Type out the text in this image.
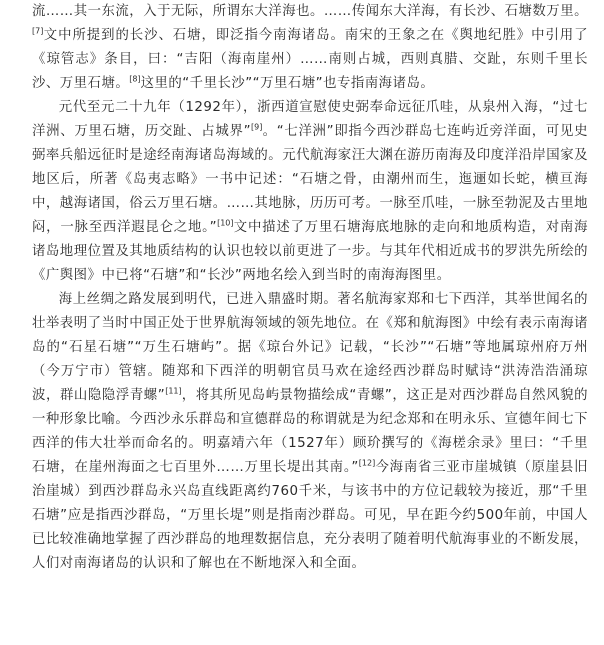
流……其一东流，入于无际，所谓东大洋海也。……传闻东大洋海，有长沙、石塘数万里。[7]文中所提到的长沙、石塘，即泛指今南海诸岛。南宋的王象之在《舆地纪胜》中引用了《琼管志》条目，曰：“吉阳（海南崖州）……南则占城，西则真腊、交趾，东则千里长沙、万里石塘。[8]这里的“千里长沙”“万里石塘”也专指南海诸岛。

元代至元二十九年（1292年），浙西道宣慰使史弼奉命远征爪哇，从泉州入海，“过七洋洲、万里石塘，历交趾、占城界”[9]。“七洋洲”即指今西沙群岛七连屿近旁洋面，可见史弼率兵船远征时是途经南海诸岛海域的。元代航海家汪大渊在游历南海及印度洋沿岸国家及地区后，所著《岛夷志略》一书中记述：“石塘之骨，由潮州而生，迤逦如长蛇，横亘海中，越海诸国，俗云万里石塘。……其地脉，历历可考。一脉至爪哇，一脉至勃泥及古里地闷，一脉至西洋遐昆仑之地。”[10]文中描述了万里石塘海底地脉的走向和地质构造，对南海诸岛地理位置及其地质结构的认识也较以前更进了一步。与其年代相近成书的罗洪先所绘的《广舆图》中已将“石塘”和“长沙”两地名绘入到当时的南海海图里。

海上丝绸之路发展到明代，已进入鼎盛时期。著名航海家郑和七下西洋，其举世闻名的壮举表明了当时中国正处于世界航海领域的领先地位。在《郑和航海图》中绘有表示南海诸岛的“石星石塘”“万生石塘屿”。据《琼台外记》记载，“长沙”“石塘”等地属琼州府万州（今万宁市）管辖。随郑和下西洋的明朝官员马欢在途经西沙群岛时赋诗“洪涛浩浩涌琼波，群山隐隐浮青螺”[11]，将其所见岛屿景物描绘成“青螺”，这正是对西沙群岛自然风貌的一种形象比喻。今西沙永乐群岛和宣德群岛的称谓就是为纪念郑和在明永乐、宣德年间七下西洋的伟大壮举而命名的。明嘉靖六年（1527年）顾玠撰写的《海槎余录》里曰：“千里石塘，在崖州海面之七百里外……万里长堤出其南。”[12]今海南省三亚市崖城镇（原崖县旧治崖城）到西沙群岛永兴岛直线距离约760千米，与该书中的方位记载较为接近，那“千里石塘”应是指西沙群岛，“万里长堤”则是指南沙群岛。可见，早在距今约500年前，中国人已比较准确地掌握了西沙群岛的地理数据信息，充分表明了随着明代航海事业的不断发展，人们对南海诸岛的认识和了解也在不断地深入和全面。
